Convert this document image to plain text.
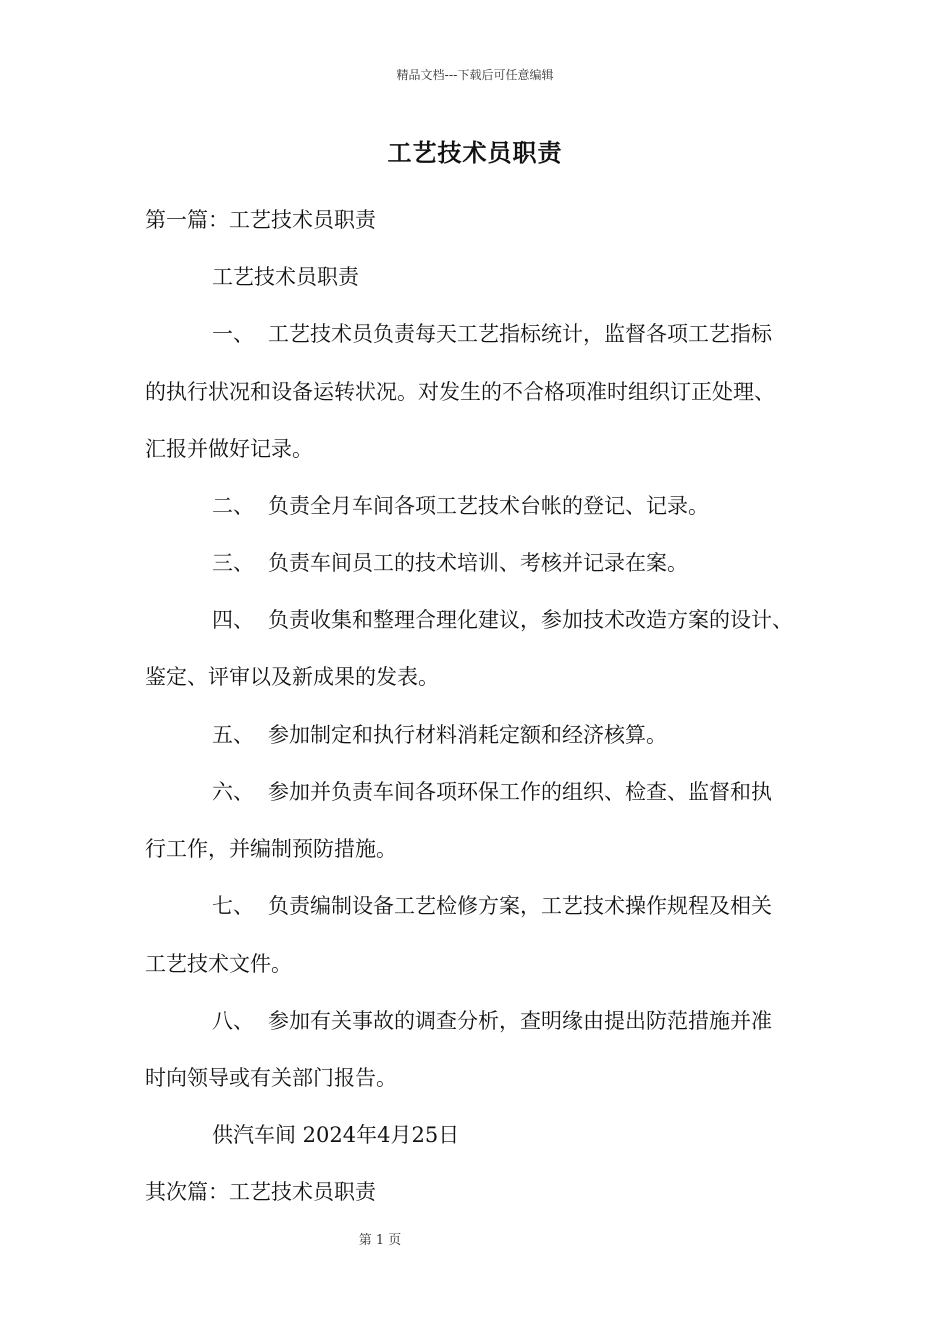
精品文档---下载后可任意编辑
工艺技术员职责
第一篇：工艺技术员职责
工艺技术员职责
一、 工艺技术员负责每天工艺指标统计，监督各项工艺指标
的执行状况和设备运转状况。对发生的不合格项准时组织订正处理、
汇报并做好记录。
二、 负责全月车间各项工艺技术台帐的登记、记录。
三、 负责车间员工的技术培训、考核并记录在案。
四、 负责收集和整理合理化建议，参加技术改造方案的设计、
鉴定、评审以及新成果的发表。
五、 参加制定和执行材料消耗定额和经济核算。
六、 参加并负责车间各项环保工作的组织、检查、监督和执
行工作，并编制预防措施。
七、 负责编制设备工艺检修方案，工艺技术操作规程及相关
工艺技术文件。
八、 参加有关事故的调查分析，查明缘由提出防范措施并准
时向领导或有关部门报告。
供汽车间 2024年4月25日
其次篇：工艺技术员职责
第 1 页
